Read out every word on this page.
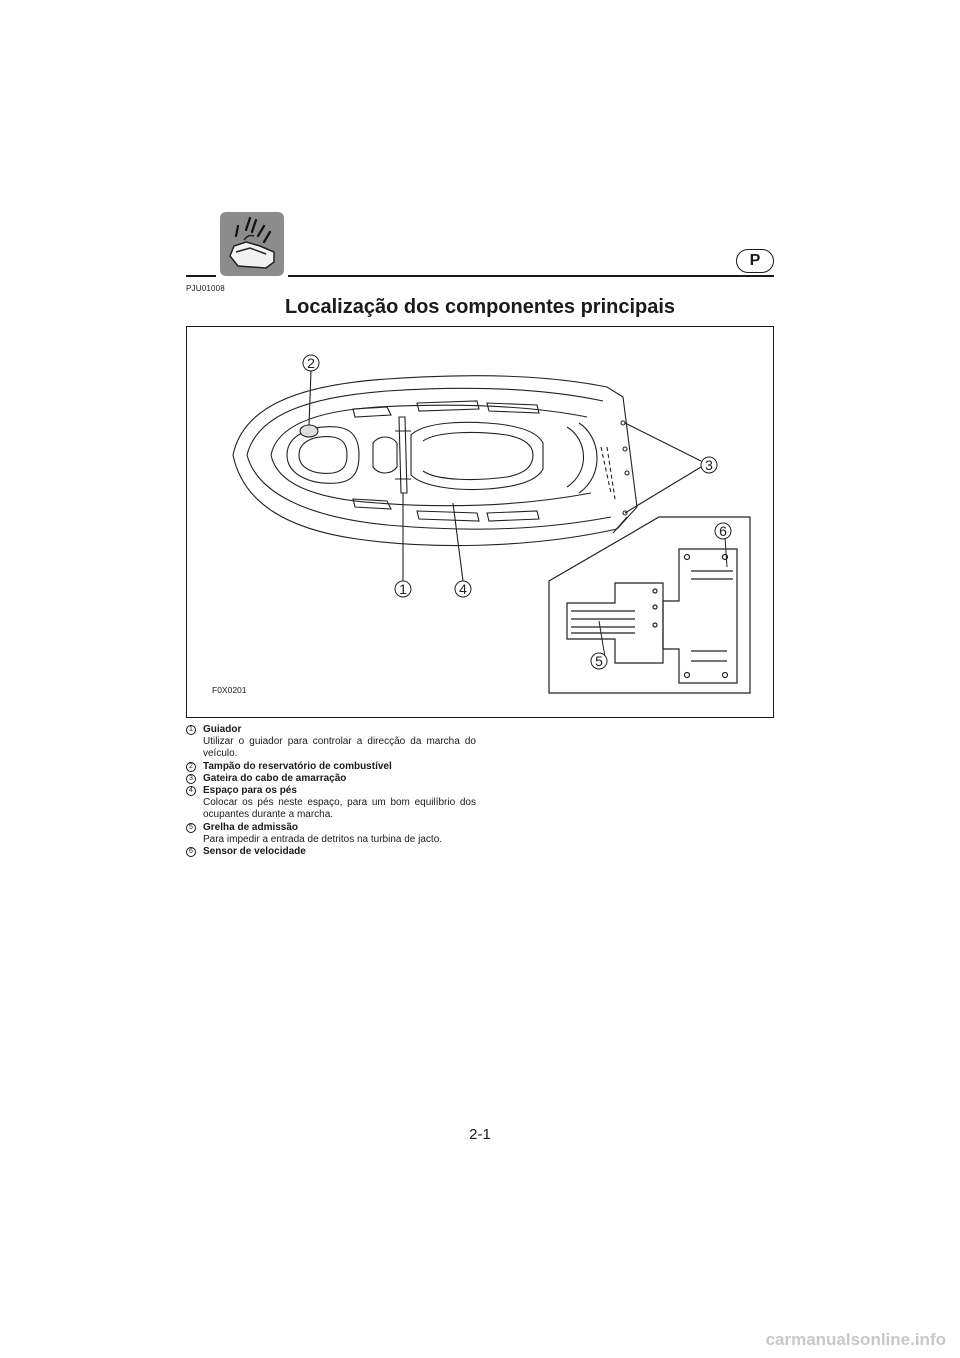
P
PJU01008
Localização dos componentes principais
2
3
1	4
6
5
F0X0201
1	Guiador
Utilizar o guiador para controlar a direcção da marcha do veículo.
2	Tampão do reservatório de combustível
3	Gateira do cabo de amarração
4	Espaço para os pés
Colocar os pés neste espaço, para um bom equilíbrio dos ocupantes durante a marcha.
5	Grelha de admissão
Para impedir a entrada de detritos na turbina de jacto.
6	Sensor de velocidade
2-1
carmanualsonline.info
